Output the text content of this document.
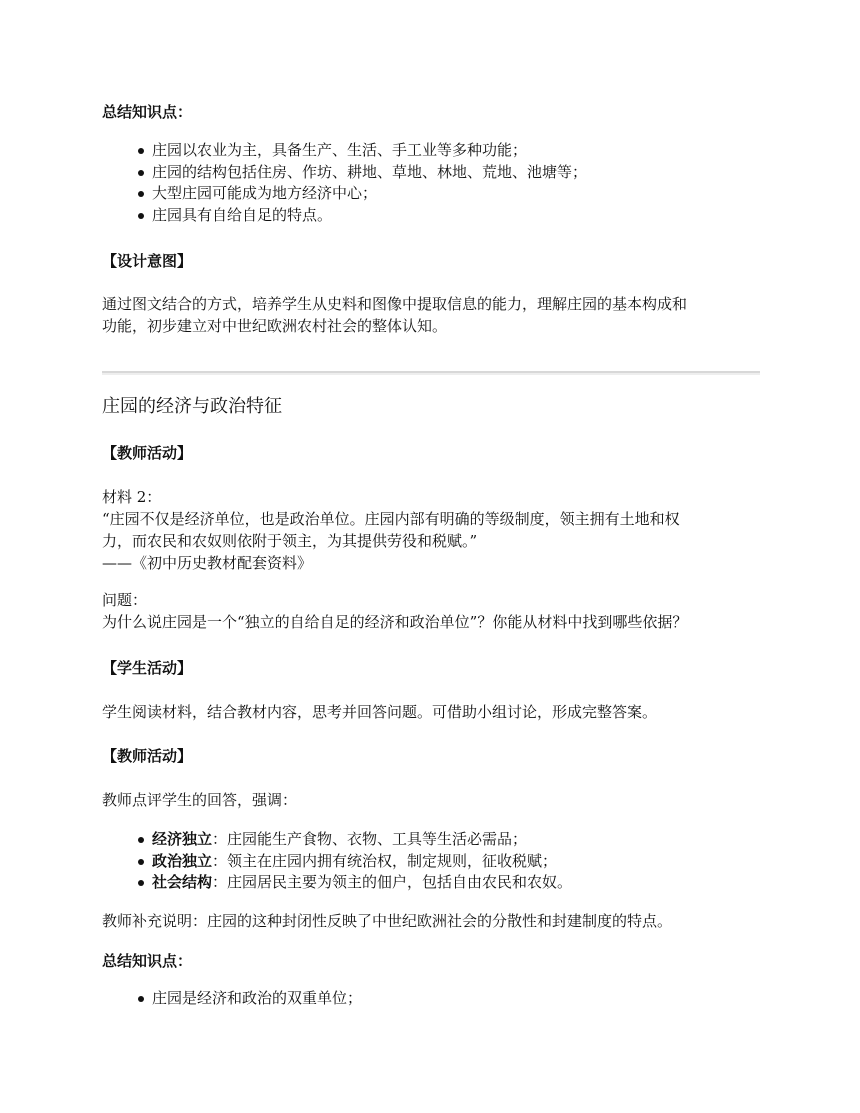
总结知识点：
庄园以农业为主，具备生产、生活、手工业等多种功能；
庄园的结构包括住房、作坊、耕地、草地、林地、荒地、池塘等；
大型庄园可能成为地方经济中心；
庄园具有自给自足的特点。
【设计意图】
通过图文结合的方式，培养学生从史料和图像中提取信息的能力，理解庄园的基本构成和
功能，初步建立对中世纪欧洲农村社会的整体认知。
庄园的经济与政治特征
【教师活动】
材料 2：
“庄园不仅是经济单位，也是政治单位。庄园内部有明确的等级制度，领主拥有土地和权
力，而农民和农奴则依附于领主，为其提供劳役和税赋。”
——《初中历史教材配套资料》
问题：
为什么说庄园是一个“独立的自给自足的经济和政治单位”？你能从材料中找到哪些依据？
【学生活动】
学生阅读材料，结合教材内容，思考并回答问题。可借助小组讨论，形成完整答案。
【教师活动】
教师点评学生的回答，强调：
经济独立：庄园能生产食物、衣物、工具等生活必需品；
政治独立：领主在庄园内拥有统治权，制定规则，征收税赋；
社会结构：庄园居民主要为领主的佃户，包括自由农民和农奴。
教师补充说明：庄园的这种封闭性反映了中世纪欧洲社会的分散性和封建制度的特点。
总结知识点：
庄园是经济和政治的双重单位；
